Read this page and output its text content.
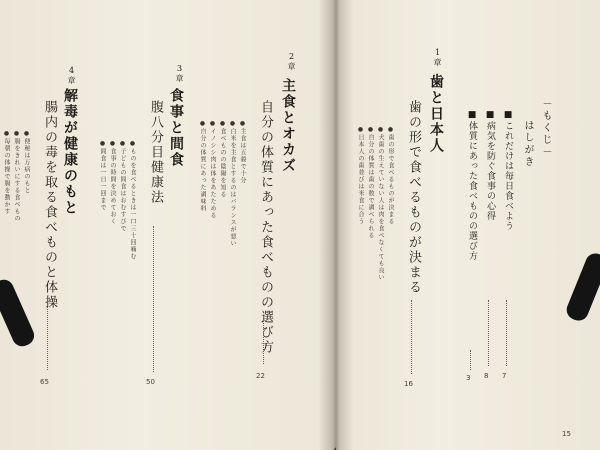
－もくじ－
はしがき
■これだけは毎日食べよう
7
■病気を防ぐ食事の心得
8
■体質にあった食べものの選び方
3
1章
歯と日本人
歯の形で食べるものが決まる
16
●歯の形で食べるものが決まる
●犬歯の生えていない人は肉を食べなくても良い
●自分の体質は歯の数で調べられる
●日本人の歯並びは米食に合う
2章
主食とオカズ
自分の体質にあった食べものの選び方
22
●主食は五穀で十分
●白米を主食とするのはバランスが悪い
●食べものの陰陽を知る
●イノシシ肉は体をあたためる
●自分の体質にあった調味料
3章
食事と間食
腹八分目健康法
50
●ものを食べるときは一口三十回噛む
●子どもの間食はおむすびで
●食事の時間を決めておく
●間食は一日一回まで
4章
解毒が健康のもと
腸内の毒を取る食べものと体操
65
●便秘は万病のもと
●腸をきれいにする食べもの
●毎朝の体操で腸を動かす
15
